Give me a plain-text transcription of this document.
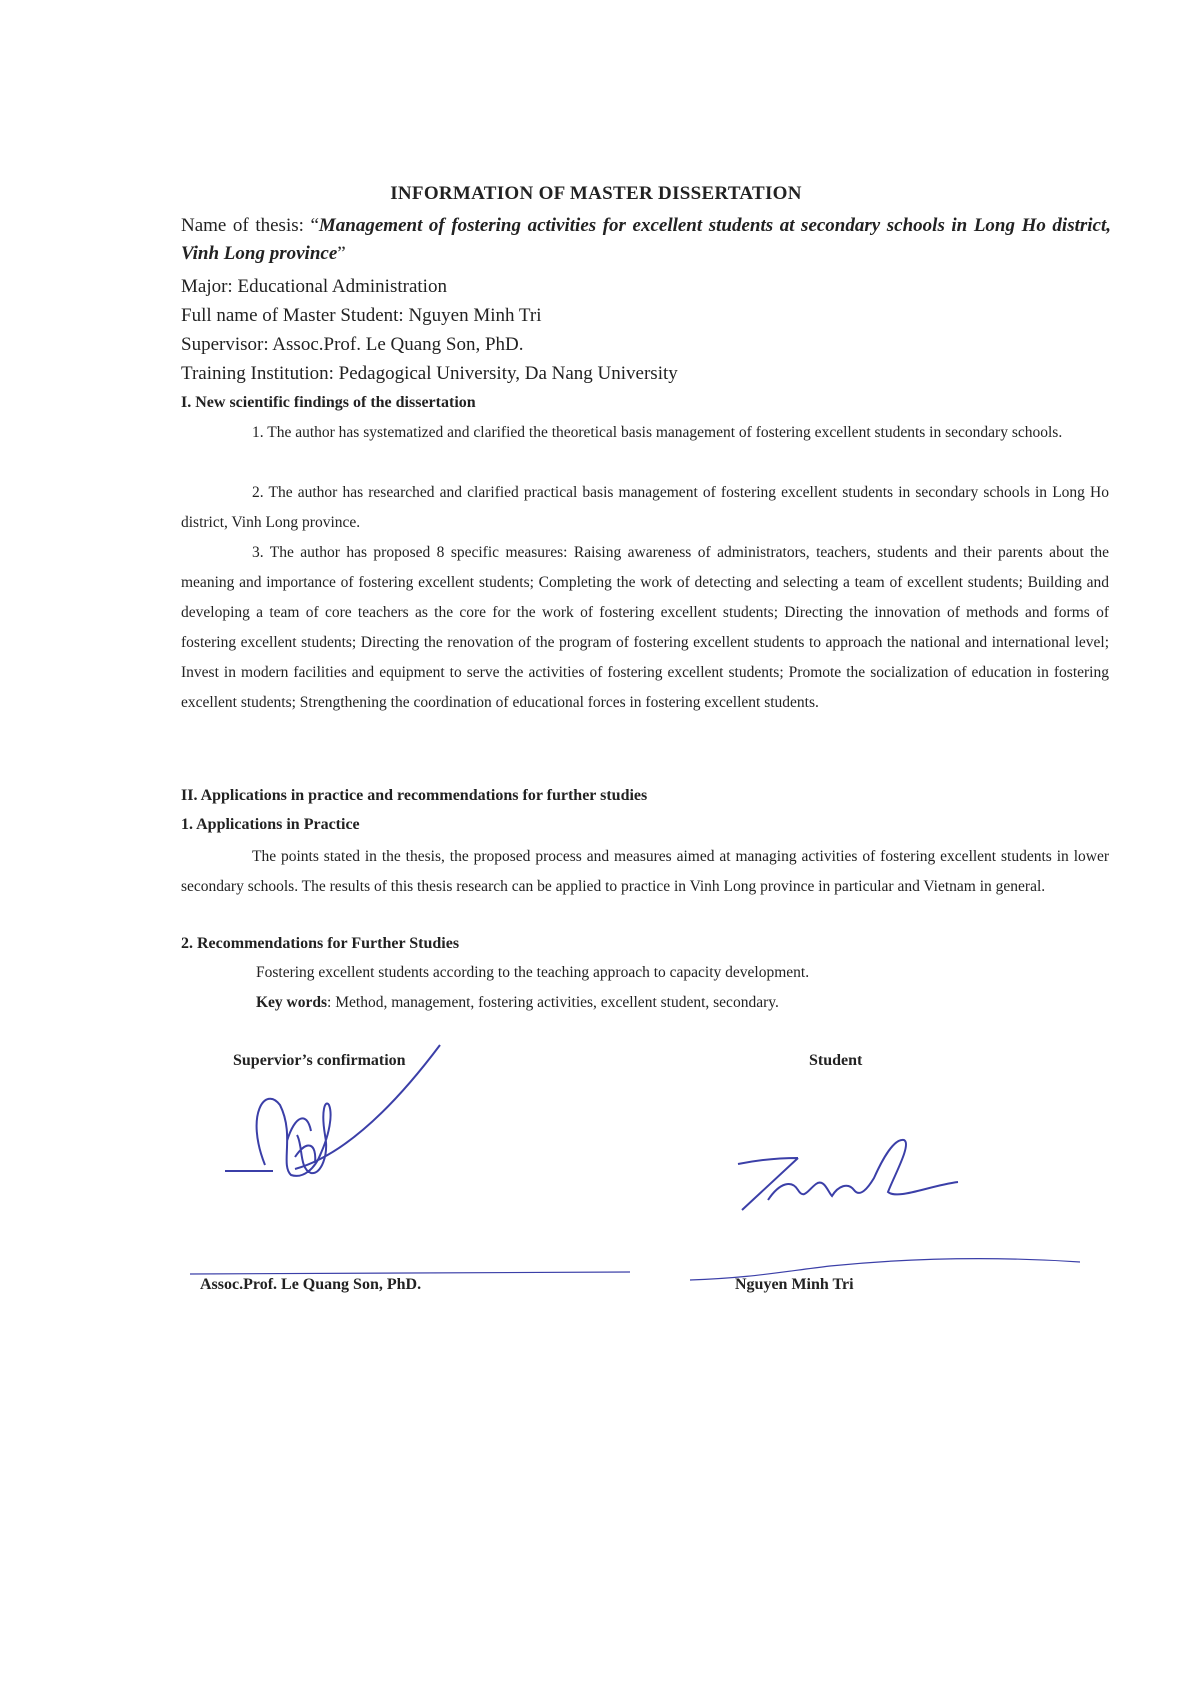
INFORMATION OF MASTER DISSERTATION
Name of thesis: “Management of fostering activities for excellent students at secondary schools in Long Ho district, Vinh Long province”
Major: Educational Administration
Full name of Master Student: Nguyen Minh Tri
Supervisor: Assoc.Prof. Le Quang Son, PhD.
Training Institution: Pedagogical University, Da Nang University
I. New scientific findings of the dissertation
1. The author has systematized and clarified the theoretical basis management of fostering excellent students in secondary schools.
2. The author has researched and clarified practical basis management of fostering excellent students in secondary schools in Long Ho district, Vinh Long province.
3. The author has proposed 8 specific measures: Raising awareness of administrators, teachers, students and their parents about the meaning and importance of fostering excellent students; Completing the work of detecting and selecting a team of excellent students; Building and developing a team of core teachers as the core for the work of fostering excellent students; Directing the innovation of methods and forms of fostering excellent students; Directing the renovation of the program of fostering excellent students to approach the national and international level; Invest in modern facilities and equipment to serve the activities of fostering excellent students; Promote the socialization of education in fostering excellent students; Strengthening the coordination of educational forces in fostering excellent students.
II. Applications in practice and recommendations for further studies
1. Applications in Practice
The points stated in the thesis, the proposed process and measures aimed at managing activities of fostering excellent students in lower secondary schools. The results of this thesis research can be applied to practice in Vinh Long province in particular and Vietnam in general.
2. Recommendations for Further Studies
Fostering excellent students according to the teaching approach to capacity development.
Key words: Method, management, fostering activities, excellent student, secondary.
Supervior’s confirmation
Assoc.Prof. Le Quang Son, PhD.
Student
Nguyen Minh Tri
